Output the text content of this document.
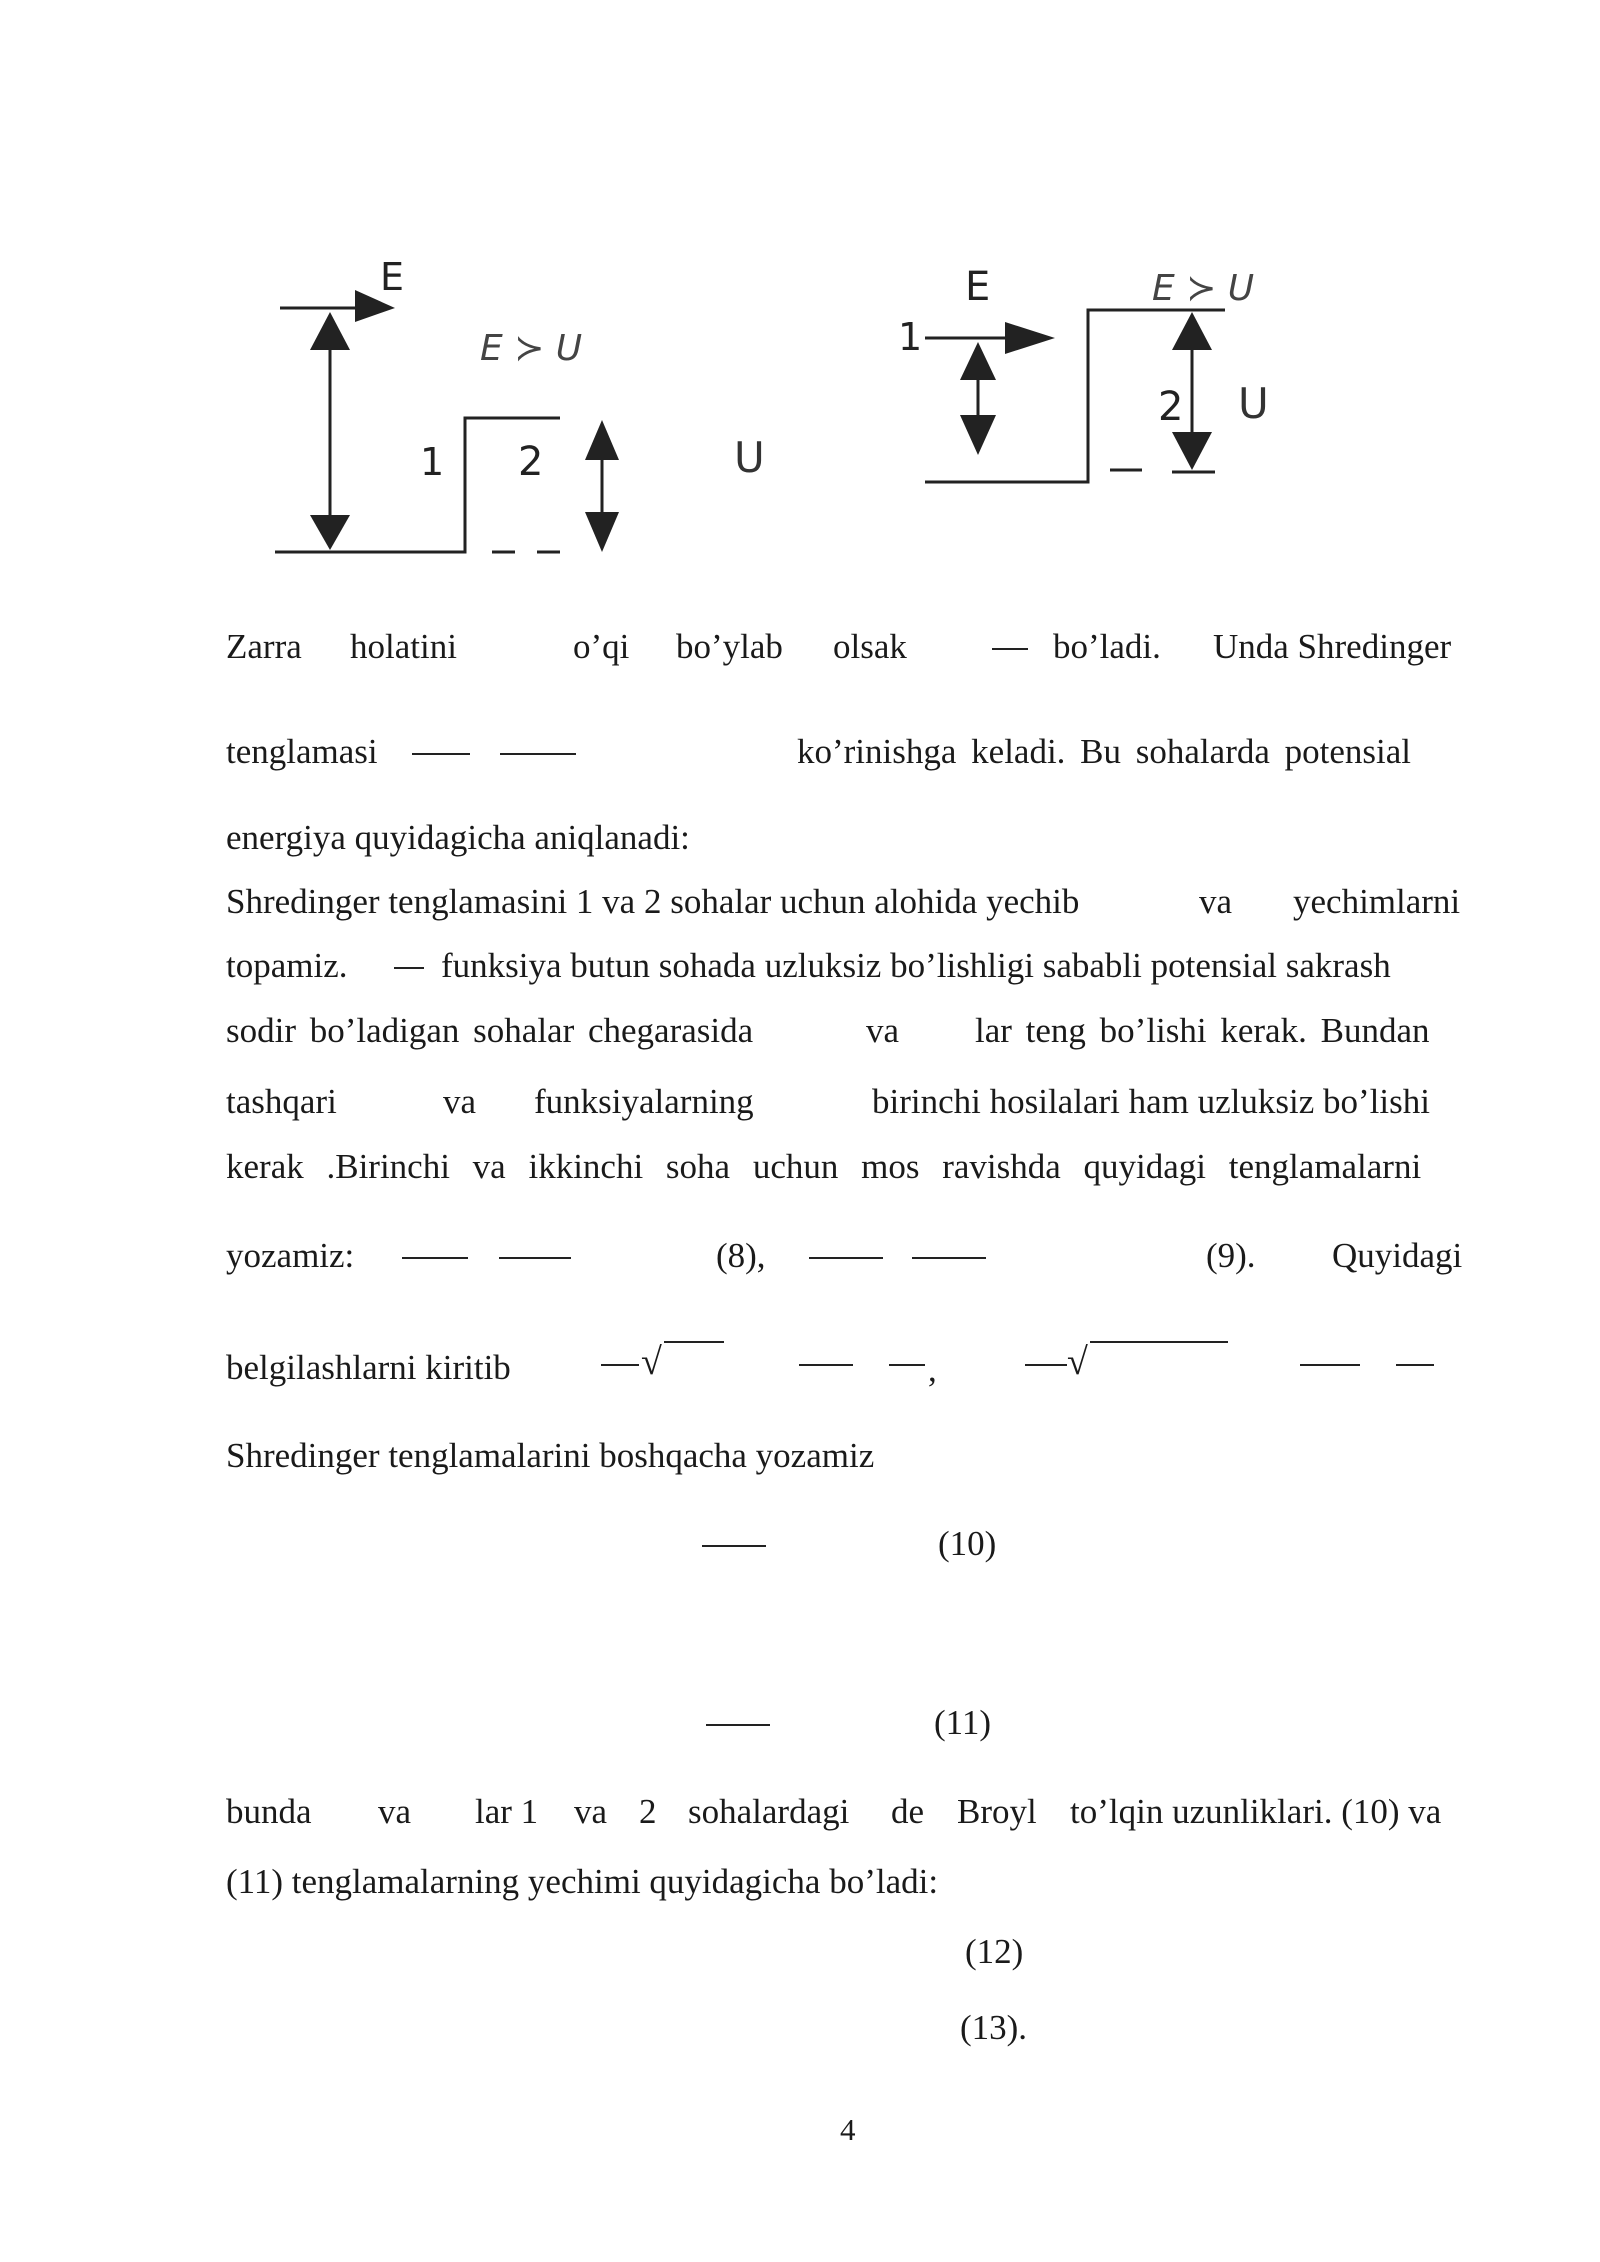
E
E ≻ U
1 2	U
1
E	E ≻ U
2 U
Zarra holatini	o’qi bo’ylab olsak	bo’ladi. Unda Shredinger
tenglamasi	ko’rinishga keladi. Bu sohalarda potensial
energiya quyidagicha aniqlanadi:
Shredinger tenglamasini 1 va 2 sohalar uchun alohida yechib	va yechimlarni
topamiz.	funksiya butun sohada uzluksiz bo’lishligi sababli potensial sakrash
sodir bo’ladigan sohalar chegarasida	va lar teng bo’lishi kerak. Bundan
tashqari	va funksiyalarning	birinchi hosilalari ham uzluksiz bo’lishi
kerak .Birinchi va ikkinchi soha uchun mos ravishda quyidagi tenglamalarni
yozamiz:	(8),	(9). Quyidagi
belgilashlarni kiritib	√	,	√
Shredinger tenglamalarini boshqacha yozamiz
(10)
(11)
bunda va lar 1 va 2 sohalardagi de Broyl to’lqin uzunliklari. (10) va
(11) tenglamalarning yechimi quyidagicha bo’ladi:
(12)
(13).
4
